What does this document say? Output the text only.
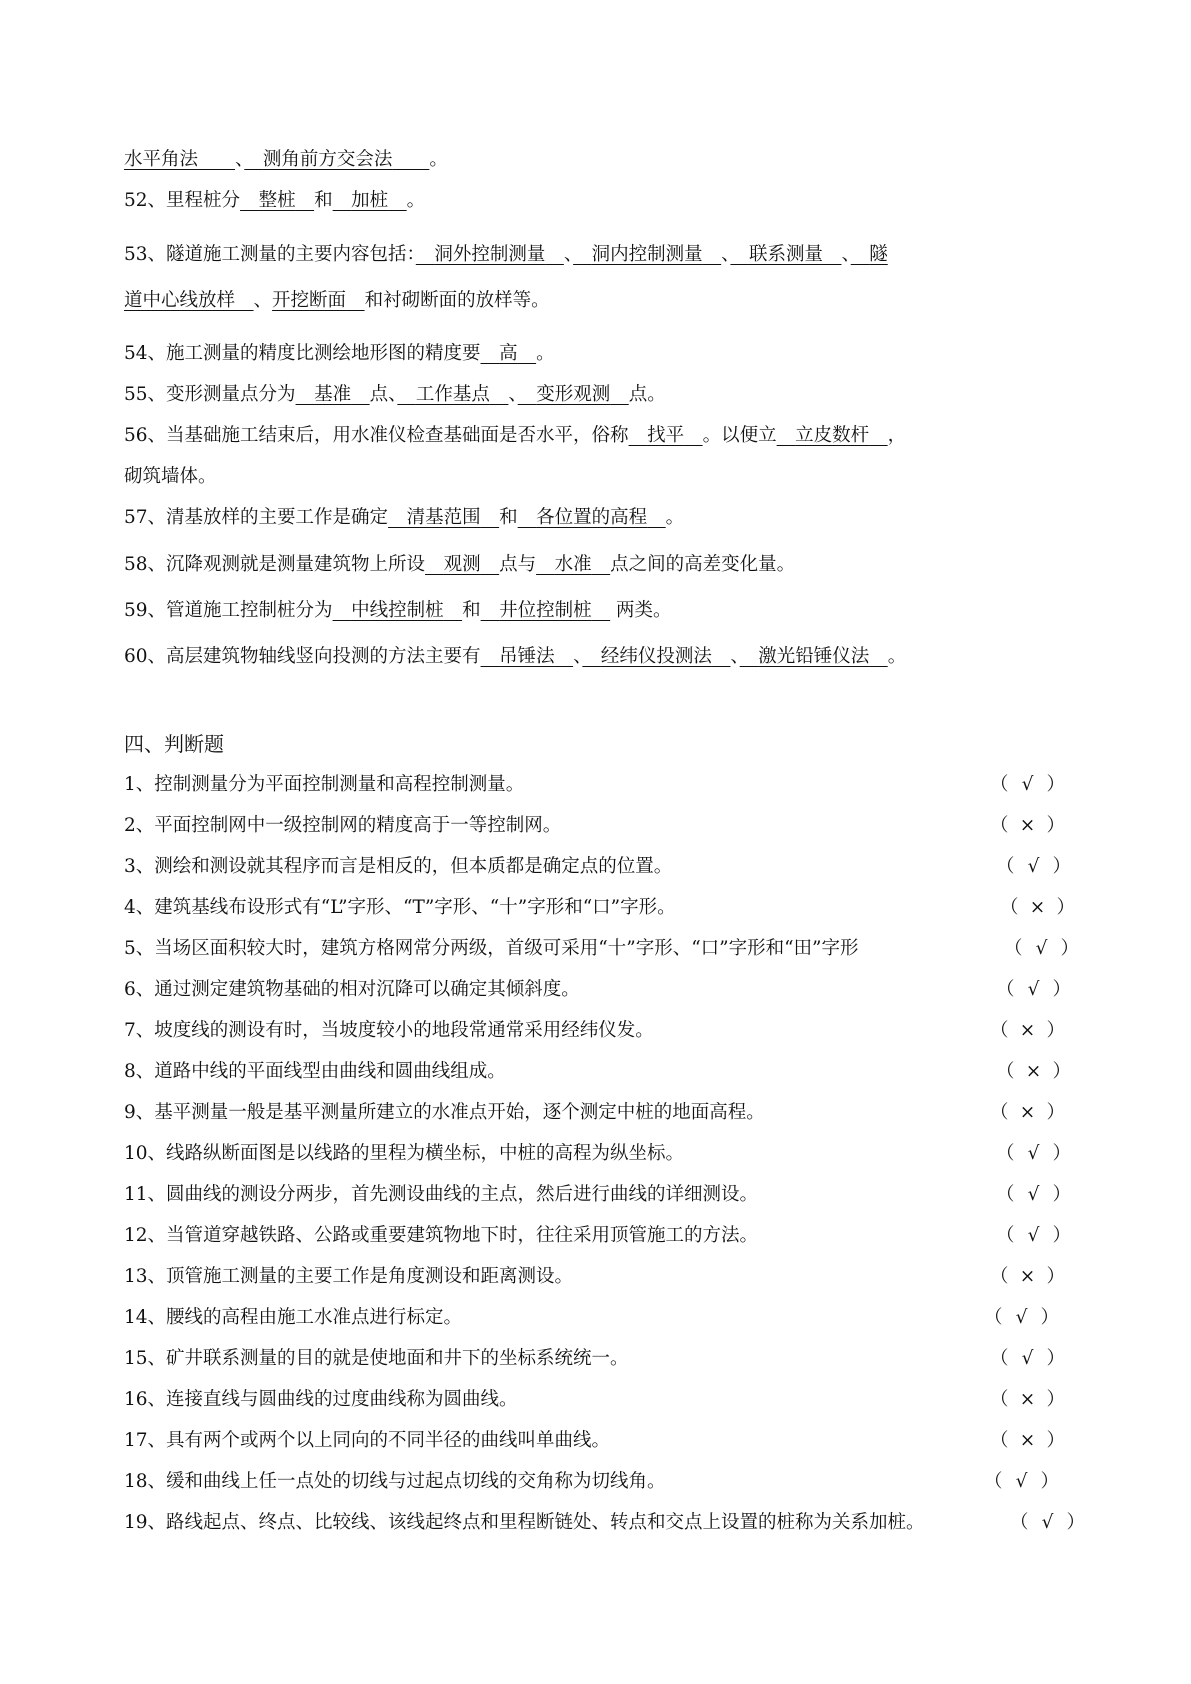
水平角法　　 、　 测角前方交会法　　 。
52、里程桩分　 整桩　 和　 加桩　 。
53、隧道施工测量的主要内容包括：　 洞外控制测量　 、　 洞内控制测量　 、　 联系测量　 、　 隧
道中心线放样　 、开挖断面　 和衬砌断面的放样等。
54、施工测量的精度比测绘地形图的精度要　 高　 。
55、变形测量点分为　 基准　 点、　 工作基点　 、　 变形观测　 点。
56、当基础施工结束后，用水准仪检查基础面是否水平，俗称　 找平　 。以便立　 立皮数杆　 ，
砌筑墙体。
57、清基放样的主要工作是确定　 清基范围　 和　 各位置的高程　 。
58、沉降观测就是测量建筑物上所设　 观测　 点与　 水准　 点之间的高差变化量。
59、管道施工控制桩分为　 中线控制桩　 和　 井位控制桩　 两类。
60、高层建筑物轴线竖向投测的方法主要有　 吊锤法　 、　 经纬仪投测法　 、　 激光铅锤仪法　 。
四、判断题
1、控制测量分为平面控制测量和高程控制测量。	（ √ ）
2、平面控制网中一级控制网的精度高于一等控制网。	（ × ）
3、测绘和测设就其程序而言是相反的，但本质都是确定点的位置。	（ √ ）
4、建筑基线布设形式有“L”字形、“T”字形、“十”字形和“口”字形。	（ × ）
5、当场区面积较大时，建筑方格网常分两级，首级可采用“十”字形、“口”字形和“田”字形	（ √ ）
6、通过测定建筑物基础的相对沉降可以确定其倾斜度。	（ √ ）
7、坡度线的测设有时，当坡度较小的地段常通常采用经纬仪发。	（ × ）
8、道路中线的平面线型由曲线和圆曲线组成。	（ × ）
9、基平测量一般是基平测量所建立的水准点开始，逐个测定中桩的地面高程。	（ × ）
10、线路纵断面图是以线路的里程为横坐标，中桩的高程为纵坐标。	（ √ ）
11、圆曲线的测设分两步，首先测设曲线的主点，然后进行曲线的详细测设。	（ √ ）
12、当管道穿越铁路、公路或重要建筑物地下时，往往采用顶管施工的方法。	（ √ ）
13、顶管施工测量的主要工作是角度测设和距离测设。	（ × ）
14、腰线的高程由施工水准点进行标定。	（ √ ）
15、矿井联系测量的目的就是使地面和井下的坐标系统统一。	（ √ ）
16、连接直线与圆曲线的过度曲线称为圆曲线。	（ × ）
17、具有两个或两个以上同向的不同半径的曲线叫单曲线。	（ × ）
18、缓和曲线上任一点处的切线与过起点切线的交角称为切线角。	（ √ ）
19、路线起点、终点、比较线、该线起终点和里程断链处、转点和交点上设置的桩称为关系加桩。	（ √ ）
